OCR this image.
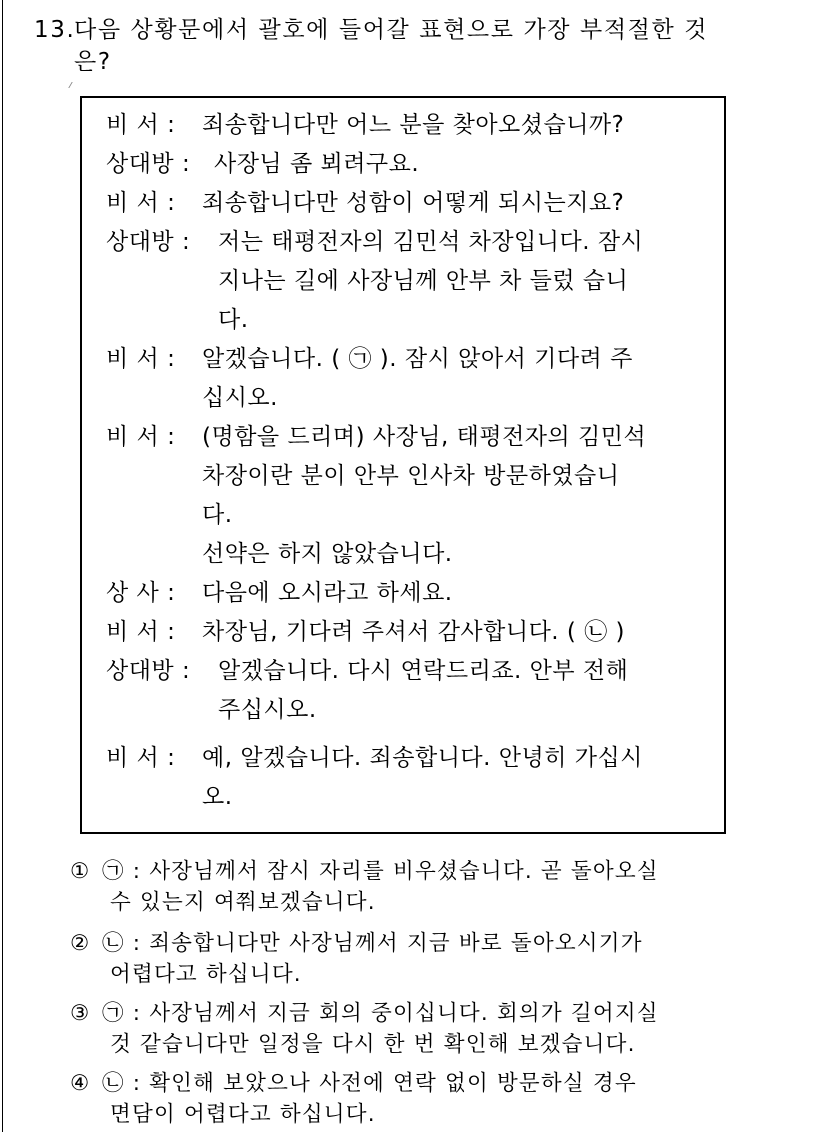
13.다음 상황문에서 괄호에 들어갈 표현으로 가장 부적절한 것
은?
비 서 : 죄송합니다만 어느 분을 찾아오셨습니까?
상대방 : 사장님 좀 뵈려구요.
비 서 : 죄송합니다만 성함이 어떻게 되시는지요?
상대방 : 저는 태평전자의 김민석 차장입니다. 잠시
지나는 길에 사장님께 안부 차 들렀 습니
다.
비 서 : 알겠습니다. ( ㉠ ). 잠시 앉아서 기다려 주
십시오.
비 서 : (명함을 드리며) 사장님, 태평전자의 김민석
차장이란 분이 안부 인사차 방문하였습니
다.
선약은 하지 않았습니다.
상 사 : 다음에 오시라고 하세요.
비 서 : 차장님, 기다려 주셔서 감사합니다. ( ㉡ )
상대방 : 알겠습니다. 다시 연락드리죠. 안부 전해
주십시오.
비 서 : 예, 알겠습니다. 죄송합니다. 안녕히 가십시
오.
① ㉠ : 사장님께서 잠시 자리를 비우셨습니다. 곧 돌아오실
수 있는지 여쭤보겠습니다.
② ㉡ : 죄송합니다만 사장님께서 지금 바로 돌아오시기가
어렵다고 하십니다.
③ ㉠ : 사장님께서 지금 회의 중이십니다. 회의가 길어지실
것 같습니다만 일정을 다시 한 번 확인해 보겠습니다.
④ ㉡ : 확인해 보았으나 사전에 연락 없이 방문하실 경우
면담이 어렵다고 하십니다.
